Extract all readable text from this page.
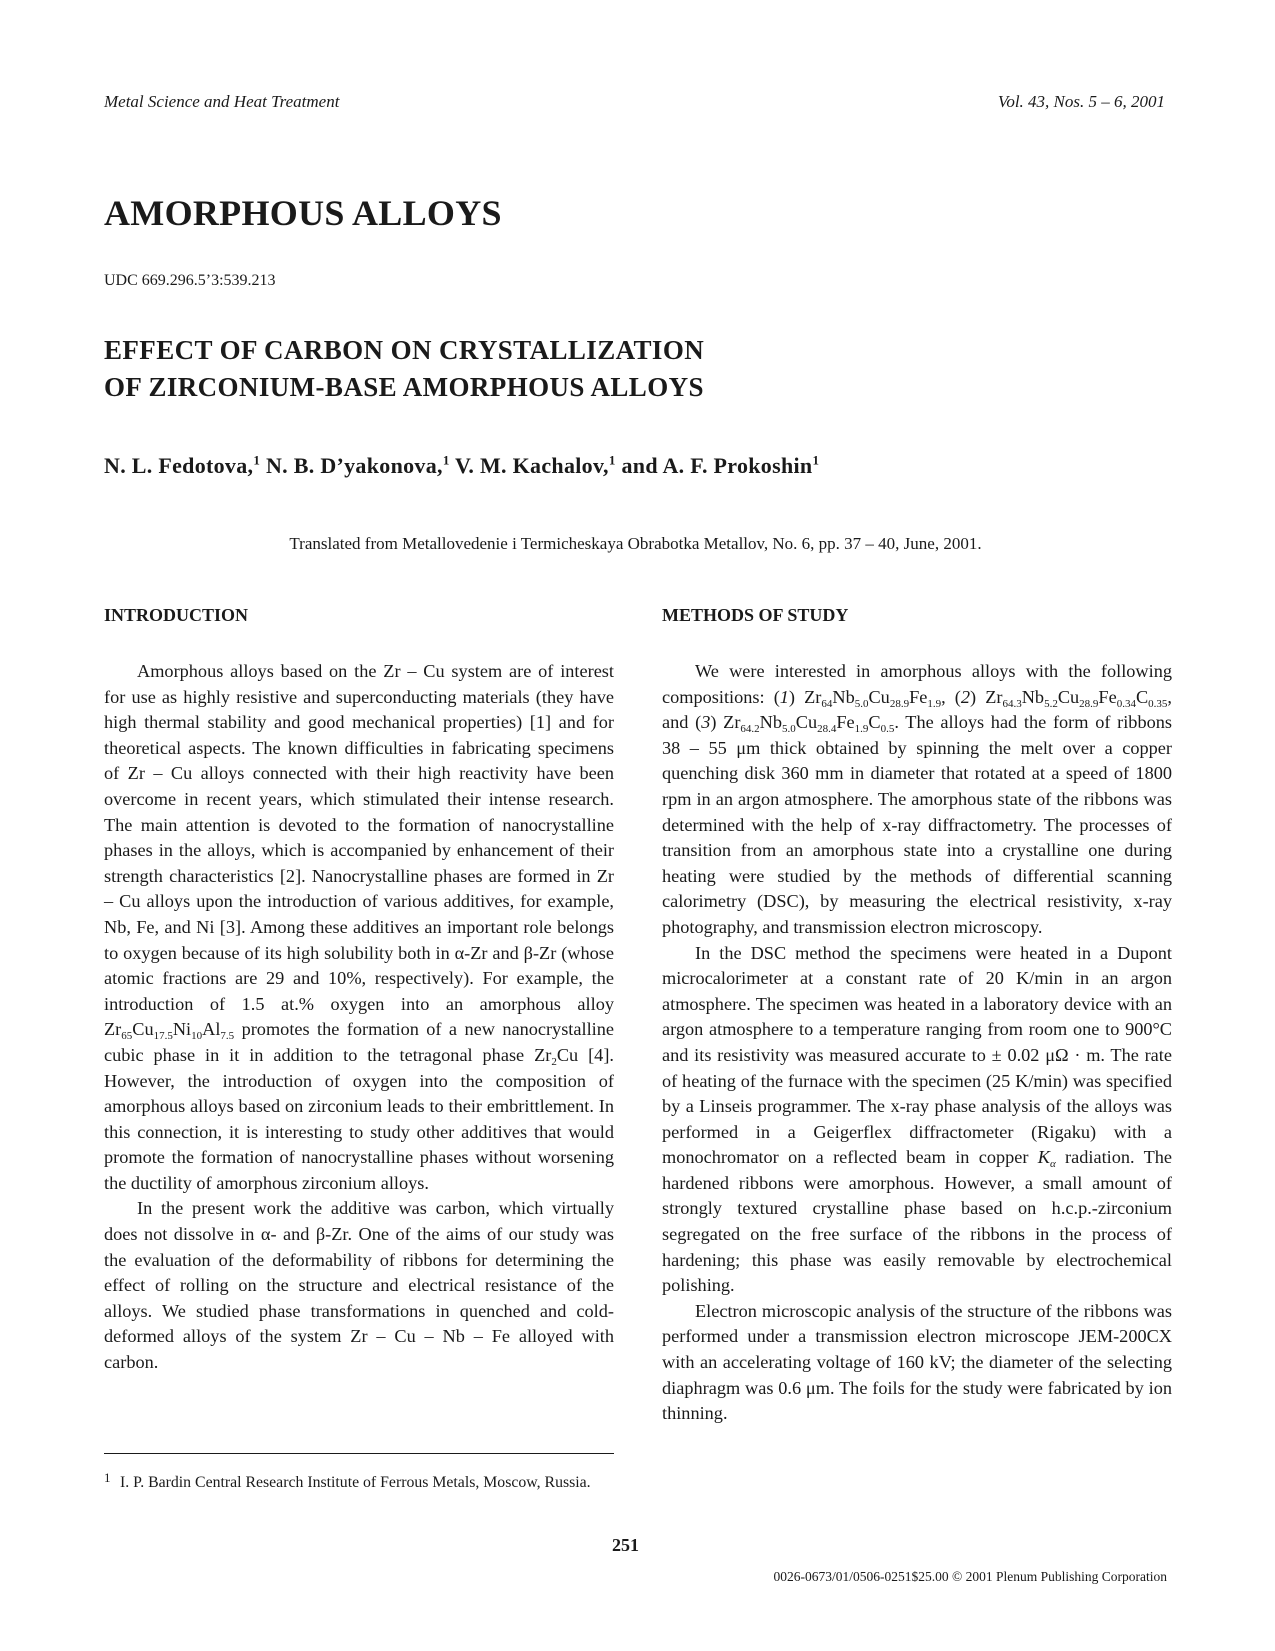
Metal Science and Heat Treatment	Vol. 43, Nos. 5 – 6, 2001
AMORPHOUS ALLOYS
UDC 669.296.5’3:539.213
EFFECT OF CARBON ON CRYSTALLIZATION
OF ZIRCONIUM-BASE AMORPHOUS ALLOYS
N. L. Fedotova,$^1$ N. B. D’yakonova,$^1$ V. M. Kachalov,$^1$ and A. F. Prokoshin$^1$
Translated from Metallovedenie i Termicheskaya Obrabotka Metallov, No. 6, pp. 37 – 40, June, 2001.
INTRODUCTION	METHODS OF STUDY

Amorphous alloys based on the Zr – Cu system are of interest for use as highly resistive and superconducting materials (they have high thermal stability and good mechanical properties) [1] and for theoretical aspects. The known difficulties in fabricating specimens of Zr – Cu alloys connected with their high reactivity have been overcome in recent years, which stimulated their intense research. The main attention is devoted to the formation of nanocrystalline phases in the alloys, which is accompanied by enhancement of their strength characteristics [2]. Nanocrystalline phases are formed in Zr – Cu alloys upon the introduction of various additives, for example, Nb, Fe, and Ni [3]. Among these additives an important role belongs to oxygen because of its high solubility both in α-Zr and β-Zr (whose atomic fractions are 29 and 10%, respectively). For example, the introduction of 1.5 at.% oxygen into an amorphous alloy $Zr_{65}Cu_{17.5}Ni_{10}Al_{7.5}$ promotes the formation of a new nanocrystalline cubic phase in it in addition to the tetragonal phase $Zr_2Cu$ [4]. However, the introduction of oxygen into the composition of amorphous alloys based on zirconium leads to their embrittlement. In this connection, it is interesting to study other additives that would promote the formation of nanocrystalline phases without worsening the ductility of amorphous zirconium alloys.

In the present work the additive was carbon, which virtually does not dissolve in α- and β-Zr. One of the aims of our study was the evaluation of the deformability of ribbons for determining the effect of rolling on the structure and electrical resistance of the alloys. We studied phase transformations in quenched and cold-deformed alloys of the system Zr – Cu – Nb – Fe alloyed with carbon.

1 I. P. Bardin Central Research Institute of Ferrous Metals, Moscow, Russia.

We were interested in amorphous alloys with the following compositions: (1) $Zr_{64}Nb_{5.0}Cu_{28.9}Fe_{1.9}$, (2) $Zr_{64.3}Nb_{5.2}Cu_{28.9}Fe_{0.34}C_{0.35}$, and (3) $Zr_{64.2}Nb_{5.0}Cu_{28.4}Fe_{1.9}C_{0.5}$. The alloys had the form of ribbons 38 – 55 μm thick obtained by spinning the melt over a copper quenching disk 360 mm in diameter that rotated at a speed of 1800 rpm in an argon atmosphere. The amorphous state of the ribbons was determined with the help of x-ray diffractometry. The processes of transition from an amorphous state into a crystalline one during heating were studied by the methods of differential scanning calorimetry (DSC), by measuring the electrical resistivity, x-ray photography, and transmission electron microscopy.

In the DSC method the specimens were heated in a Dupont microcalorimeter at a constant rate of 20 K/min in an argon atmosphere. The specimen was heated in a laboratory device with an argon atmosphere to a temperature ranging from room one to 900°C and its resistivity was measured accurate to ± 0.02 μΩ · m. The rate of heating of the furnace with the specimen (25 K/min) was specified by a Linseis programmer. The x-ray phase analysis of the alloys was performed in a Geigerflex diffractometer (Rigaku) with a monochromator on a reflected beam in copper $K_\alpha$ radiation. The hardened ribbons were amorphous. However, a small amount of strongly textured crystalline phase based on h.c.p.-zirconium segregated on the free surface of the ribbons in the process of hardening; this phase was easily removable by electrochemical polishing.

Electron microscopic analysis of the structure of the ribbons was performed under a transmission electron microscope JEM-200CX with an accelerating voltage of 160 kV; the diameter of the selecting diaphragm was 0.6 μm. The foils for the study were fabricated by ion thinning.

251
0026-0673/01/0506-0251$25.00 © 2001 Plenum Publishing Corporation
